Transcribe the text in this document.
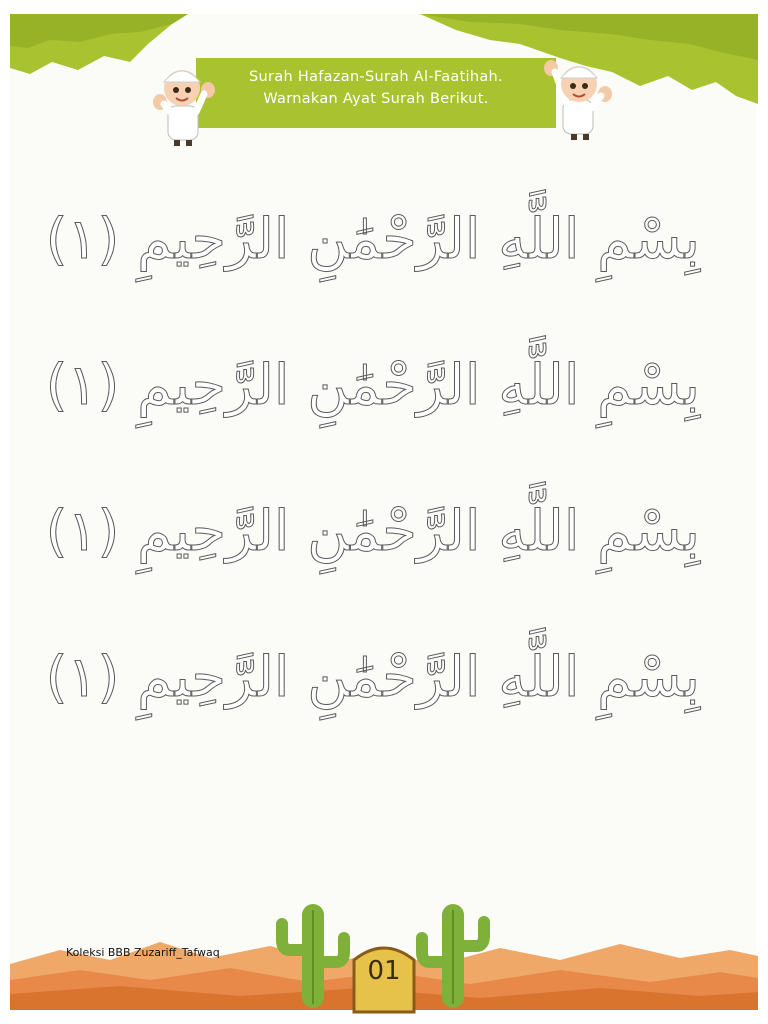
Surah Hafazan-Surah Al-Faatihah.
Warnakan Ayat Surah Berikut.
بِسْمِ اللَّهِ الرَّحْمَٰنِ الرَّحِيمِ (١)
بِسْمِ اللَّهِ الرَّحْمَٰنِ الرَّحِيمِ (١)
بِسْمِ اللَّهِ الرَّحْمَٰنِ الرَّحِيمِ (١)
بِسْمِ اللَّهِ الرَّحْمَٰنِ الرَّحِيمِ (١)
Koleksi BBB Zuzariff_Tafwaq
01
